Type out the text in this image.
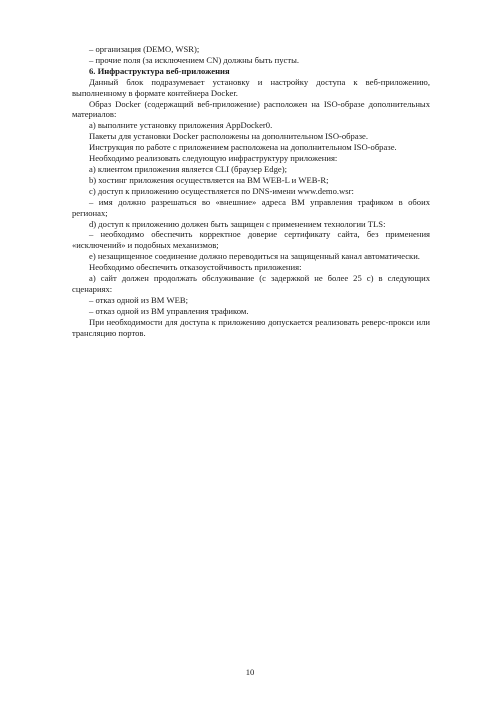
– организация (DEMO, WSR);

– прочие поля (за исключением CN) должны быть пусты.

6. Инфраструктура веб-приложения

Данный блок подразумевает установку и настройку доступа к веб-приложению, выполненному в формате контейнера Docker.

Образ Docker (содержащий веб-приложение) расположен на ISO-образе дополнительных материалов:

а) выполните установку приложения AppDocker0.

Пакеты для установки Docker расположены на дополнительном ISO-образе.

Инструкция по работе с приложением расположена на дополнительном ISO-образе.

Необходимо реализовать следующую инфраструктуру приложения:

а) клиентом приложения является CLI (браузер Edge);

b) хостинг приложения осуществляется на ВМ WEB-L и WEB-R;

c) доступ к приложению осуществляется по DNS-имени www.demo.wsr:

– имя должно разрешаться во «внешние» адреса ВМ управления трафиком в обоих регионах;

d) доступ к приложению должен быть защищен с применением технологии TLS:

– необходимо обеспечить корректное доверие сертификату сайта, без применения «исключений» и подобных механизмов;

e) незащищенное соединение должно переводиться на защищенный канал автоматически.

Необходимо обеспечить отказоустойчивость приложения:

а) сайт должен продолжать обслуживание (с задержкой не более 25 с) в следующих сценариях:

– отказ одной из ВМ WEB;

– отказ одной из ВМ управления трафиком.

При необходимости для доступа к приложению допускается реализовать реверс-прокси или трансляцию портов.

10
